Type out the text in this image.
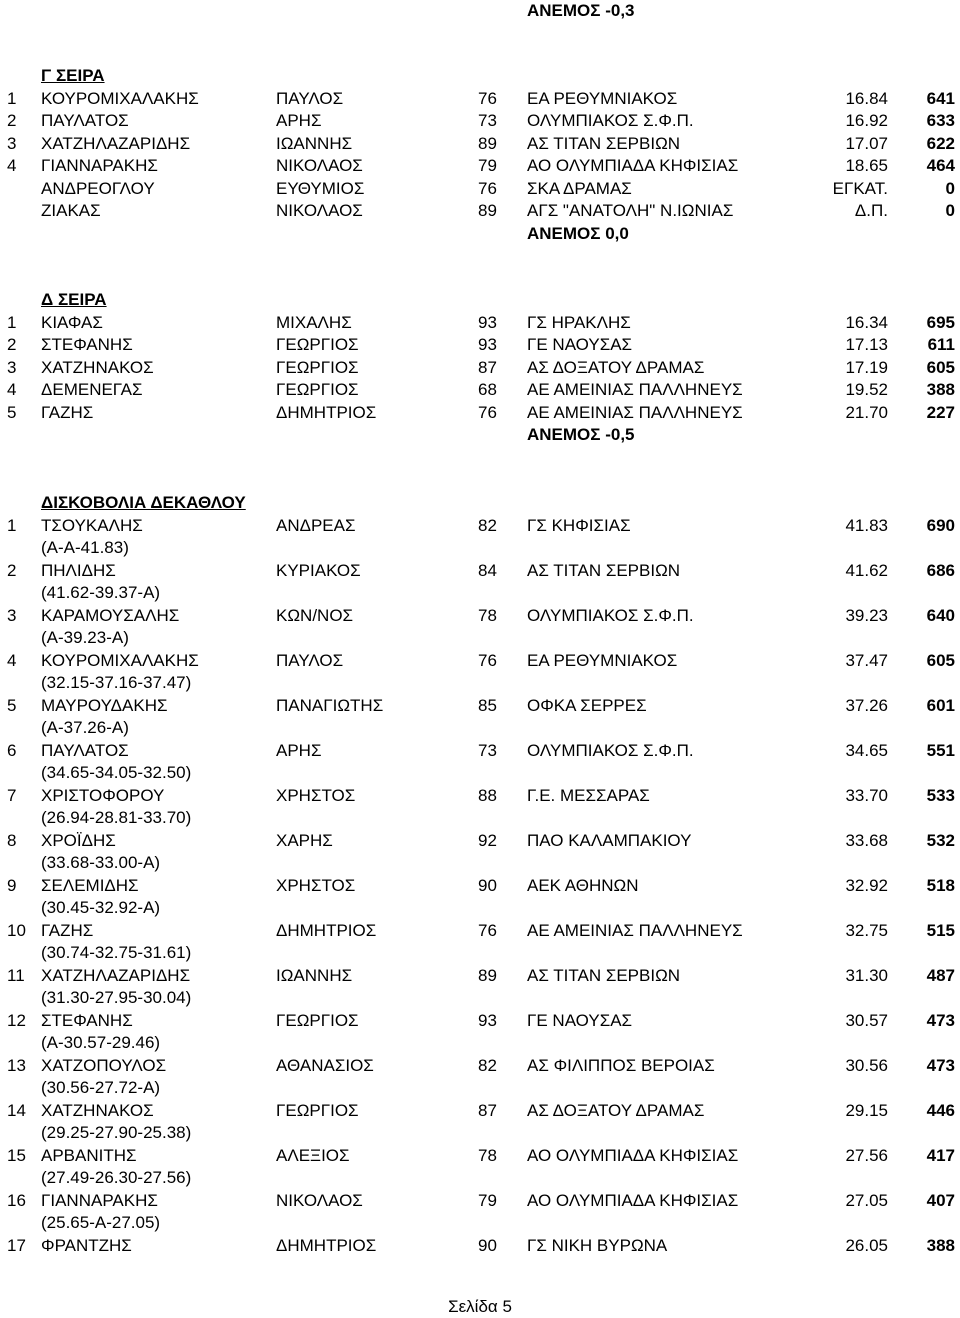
ΑΝΕΜΟΣ -0,3
Γ ΣΕΙΡΑ
1 ΚΟΥΡΟΜΙΧΑΛΑΚΗΣ	ΠΑΥΛΟΣ	76 ΕΑ ΡΕΘΥΜΝΙΑΚΟΣ	16.84 641
2 ΠΑΥΛΑΤΟΣ	ΑΡΗΣ	73 ΟΛΥΜΠΙΑΚΟΣ Σ.Φ.Π.	16.92 633
3 ΧΑΤΖΗΛΑΖΑΡΙΔΗΣ	ΙΩΑΝΝΗΣ	89 ΑΣ ΤΙΤΑΝ ΣΕΡΒΙΩΝ	17.07 622
4 ΓΙΑΝΝΑΡΑΚΗΣ	ΝΙΚΟΛΑΟΣ	79 ΑΟ ΟΛΥΜΠΙΑΔΑ ΚΗΦΙΣΙΑΣ	18.65 464
ΑΝΔΡΕΟΓΛΟΥ	ΕΥΘΥΜΙΟΣ	76 ΣΚΑ ΔΡΑΜΑΣ	ΕΓΚΑΤ.	0
ΖΙΑΚΑΣ	ΝΙΚΟΛΑΟΣ	89 ΑΓΣ "ΑΝΑΤΟΛΗ" Ν.ΙΩΝΙΑΣ	Δ.Π.	0
ΑΝΕΜΟΣ 0,0
Δ ΣΕΙΡΑ
1 ΚΙΑΦΑΣ	ΜΙΧΑΛΗΣ	93 ΓΣ ΗΡΑΚΛΗΣ	16.34 695
2 ΣΤΕΦΑΝΗΣ	ΓΕΩΡΓΙΟΣ	93 ΓΕ ΝΑΟΥΣΑΣ	17.13 611
3 ΧΑΤΖΗΝΑΚΟΣ	ΓΕΩΡΓΙΟΣ	87 ΑΣ ΔΟΞΑΤΟΥ ΔΡΑΜΑΣ	17.19 605
4 ΔΕΜΕΝΕΓΑΣ	ΓΕΩΡΓΙΟΣ	68 ΑΕ ΑΜΕΙΝΙΑΣ ΠΑΛΛΗΝΕΥΣ	19.52 388
5 ΓΑΖΗΣ	ΔΗΜΗΤΡΙΟΣ	76 ΑΕ ΑΜΕΙΝΙΑΣ ΠΑΛΛΗΝΕΥΣ	21.70 227
ΑΝΕΜΟΣ -0,5
ΔΙΣΚΟΒΟΛΙΑ ΔΕΚΑΘΛΟΥ
1 ΤΣΟΥΚΑΛΗΣ	ΑΝΔΡΕΑΣ	82 ΓΣ ΚΗΦΙΣΙΑΣ	41.83 690
(Α-Α-41.83)
2 ΠΗΛΙΔΗΣ	ΚΥΡΙΑΚΟΣ	84 ΑΣ ΤΙΤΑΝ ΣΕΡΒΙΩΝ	41.62 686
(41.62-39.37-Α)
3 ΚΑΡΑΜΟΥΣΑΛΗΣ	ΚΩΝ/ΝΟΣ	78 ΟΛΥΜΠΙΑΚΟΣ Σ.Φ.Π.	39.23 640
(Α-39.23-Α)
4 ΚΟΥΡΟΜΙΧΑΛΑΚΗΣ	ΠΑΥΛΟΣ	76 ΕΑ ΡΕΘΥΜΝΙΑΚΟΣ	37.47 605
(32.15-37.16-37.47)
5 ΜΑΥΡΟΥΔΑΚΗΣ	ΠΑΝΑΓΙΩΤΗΣ	85 ΟΦΚΑ ΣΕΡΡΕΣ	37.26 601
(Α-37.26-Α)
6 ΠΑΥΛΑΤΟΣ	ΑΡΗΣ	73 ΟΛΥΜΠΙΑΚΟΣ Σ.Φ.Π.	34.65 551
(34.65-34.05-32.50)
7 ΧΡΙΣΤΟΦΟΡΟΥ	ΧΡΗΣΤΟΣ	88 Γ.Ε. ΜΕΣΣΑΡΑΣ	33.70 533
(26.94-28.81-33.70)
8 ΧΡΟΪΔΗΣ	ΧΑΡΗΣ	92 ΠΑΟ ΚΑΛΑΜΠΑΚΙΟΥ	33.68 532
(33.68-33.00-Α)
9 ΣΕΛΕΜΙΔΗΣ	ΧΡΗΣΤΟΣ	90 ΑΕΚ ΑΘΗΝΩΝ	32.92 518
(30.45-32.92-Α)
10 ΓΑΖΗΣ	ΔΗΜΗΤΡΙΟΣ	76 ΑΕ ΑΜΕΙΝΙΑΣ ΠΑΛΛΗΝΕΥΣ	32.75 515
(30.74-32.75-31.61)
11 ΧΑΤΖΗΛΑΖΑΡΙΔΗΣ	ΙΩΑΝΝΗΣ	89 ΑΣ ΤΙΤΑΝ ΣΕΡΒΙΩΝ	31.30 487
(31.30-27.95-30.04)
12 ΣΤΕΦΑΝΗΣ	ΓΕΩΡΓΙΟΣ	93 ΓΕ ΝΑΟΥΣΑΣ	30.57 473
(Α-30.57-29.46)
13 ΧΑΤΖΟΠΟΥΛΟΣ	ΑΘΑΝΑΣΙΟΣ	82 ΑΣ ΦΙΛΙΠΠΟΣ ΒΕΡΟΙΑΣ	30.56 473
(30.56-27.72-Α)
14 ΧΑΤΖΗΝΑΚΟΣ	ΓΕΩΡΓΙΟΣ	87 ΑΣ ΔΟΞΑΤΟΥ ΔΡΑΜΑΣ	29.15 446
(29.25-27.90-25.38)
15 ΑΡΒΑΝΙΤΗΣ	ΑΛΕΞΙΟΣ	78 ΑΟ ΟΛΥΜΠΙΑΔΑ ΚΗΦΙΣΙΑΣ	27.56 417
(27.49-26.30-27.56)
16 ΓΙΑΝΝΑΡΑΚΗΣ	ΝΙΚΟΛΑΟΣ	79 ΑΟ ΟΛΥΜΠΙΑΔΑ ΚΗΦΙΣΙΑΣ	27.05 407
(25.65-Α-27.05)
17 ΦΡΑΝΤΖΗΣ	ΔΗΜΗΤΡΙΟΣ	90 ΓΣ ΝΙΚΗ ΒΥΡΩΝΑ	26.05 388
Σελίδα 5
